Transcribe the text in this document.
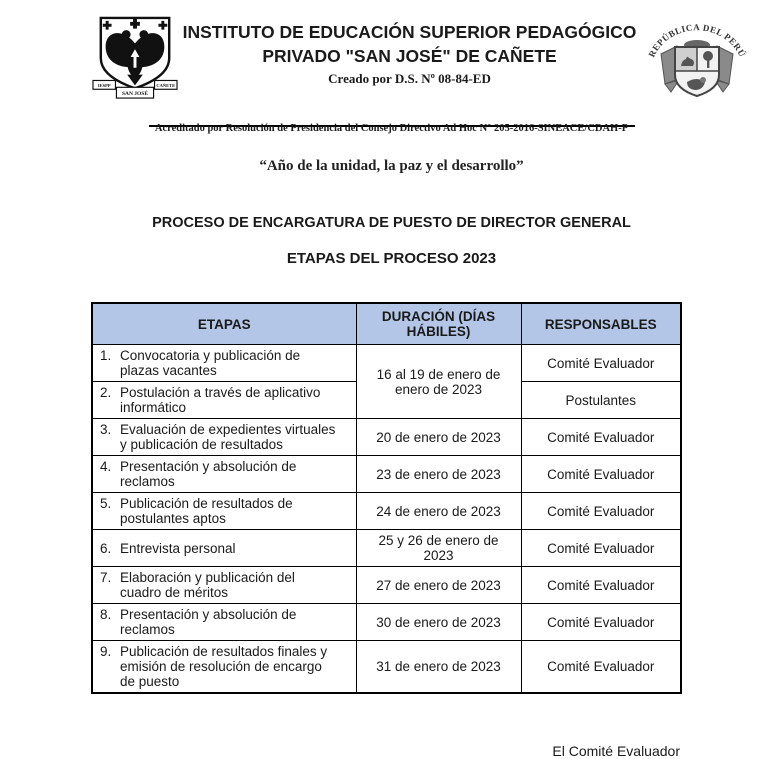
IESPP	CAÑETE
SAN JOSÉ
INSTITUTO DE EDUCACIÓN SUPERIOR PEDAGÓGICO
PRIVADO "SAN JOSÉ" DE CAÑETE
Creado por D.S. Nº 08-84-ED
REPÚBLICA DEL PERÚ
Acreditado por Resolución de Presidencia del Consejo Directivo Ad Hoc N° 205-2016-SINEACE/CDAH-P
“Año de la unidad, la paz y el desarrollo”
PROCESO DE ENCARGATURA DE PUESTO DE DIRECTOR GENERAL
ETAPAS DEL PROCESO 2023
ETAPAS	DURACIÓN (DÍAS HÁBILES)	RESPONSABLES

1. Convocatoria y publicación de plazas vacantes	16 al 19 de enero de enero de 2023	Comité Evaluador

2. Postulación a través de aplicativo informático		Postulantes

3. Evaluación de expedientes virtuales y publicación de resultados	20 de enero de 2023	Comité Evaluador

4. Presentación y absolución de reclamos	23 de enero de 2023	Comité Evaluador

5. Publicación de resultados de postulantes aptos	24 de enero de 2023	Comité Evaluador

6. Entrevista personal	25 y 26 de enero de 2023	Comité Evaluador

7. Elaboración y publicación del cuadro de méritos	27 de enero de 2023	Comité Evaluador

8. Presentación y absolución de reclamos	30 de enero de 2023	Comité Evaluador

9. Publicación de resultados finales y emisión de resolución de encargo de puesto	31 de enero de 2023	Comité Evaluador
El Comité Evaluador
